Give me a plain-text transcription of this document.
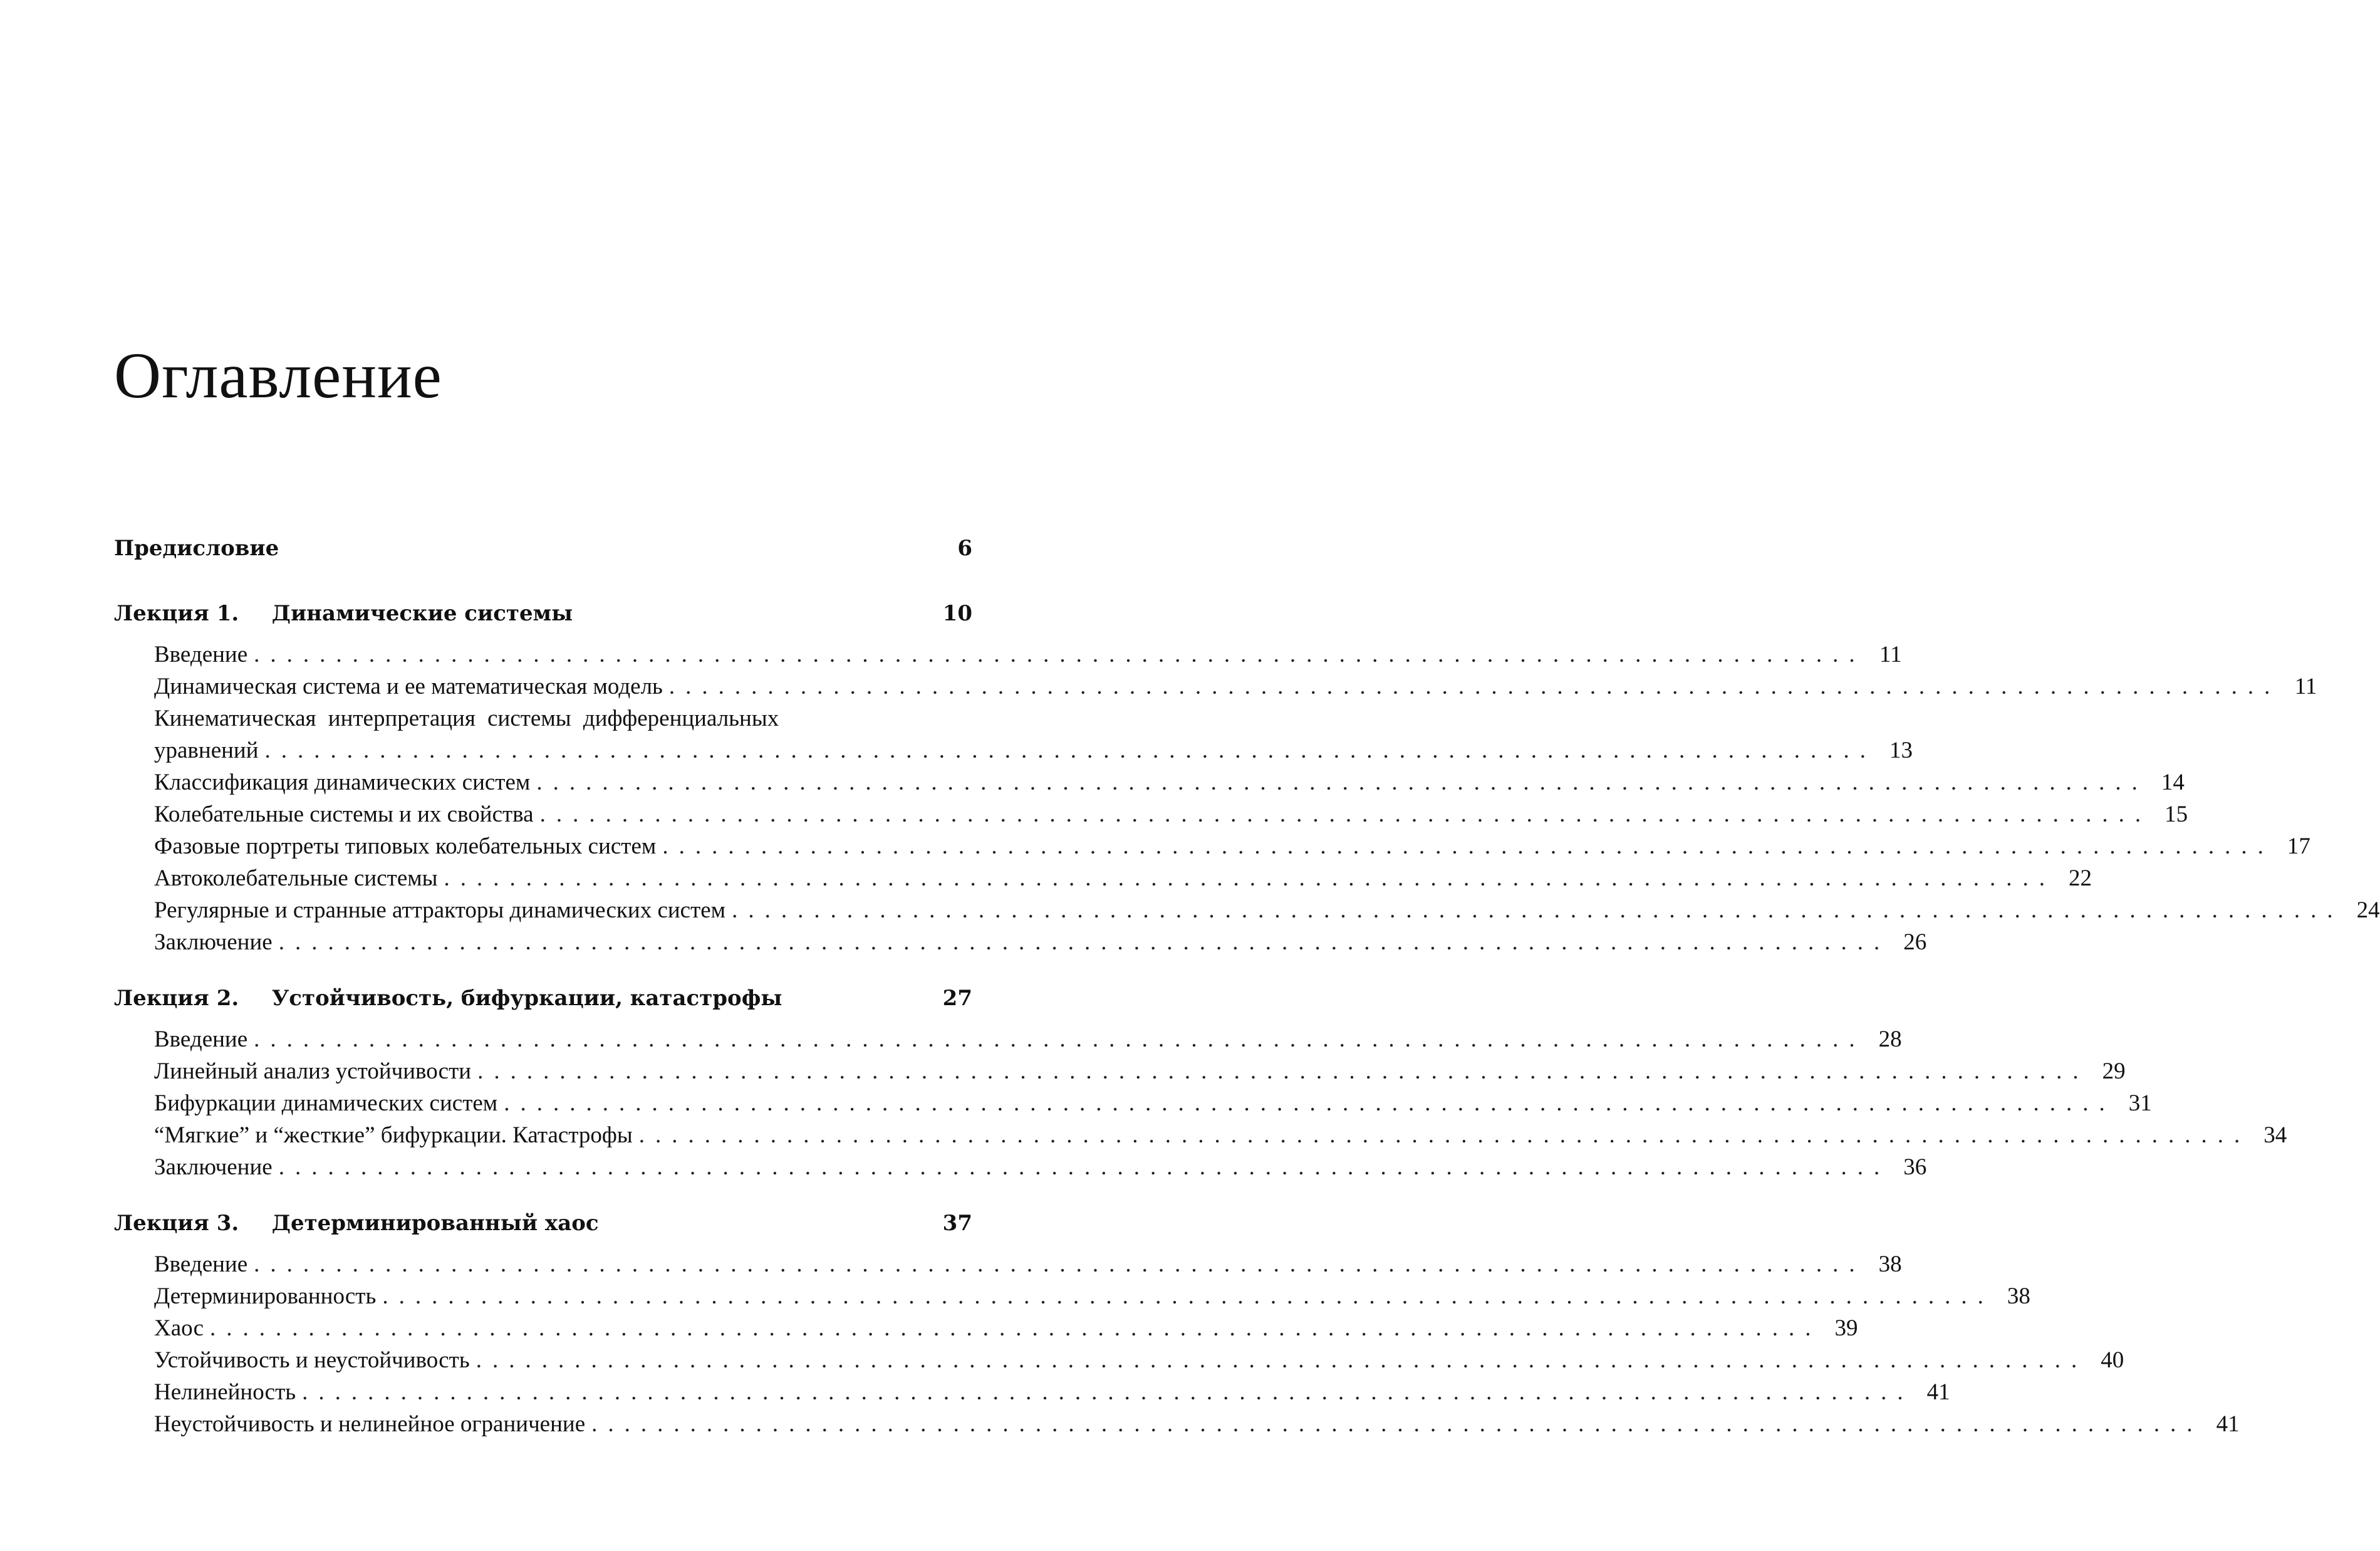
Оглавление
Предисловие	6
Лекция 1.	Динамические системы	10
Введение .................................................................................................. 11
Динамическая система и ее математическая модель .................................................................................................. 11
Кинематическая интерпретация системы дифференциальных
уравнений .................................................................................................. 13
Классификация динамических систем .................................................................................................. 14
Колебательные системы и их свойства .................................................................................................. 15
Фазовые портреты типовых колебательных систем .................................................................................................. 17
Автоколебательные системы .................................................................................................. 22
Регулярные и странные аттракторы динамических систем .................................................................................................. 24
Заключение .................................................................................................. 26
Лекция 2.	Устойчивость, бифуркации, катастрофы	27
Введение .................................................................................................. 28
Линейный анализ устойчивости .................................................................................................. 29
Бифуркации динамических систем .................................................................................................. 31
“Мягкие” и “жесткие” бифуркации. Катастрофы .................................................................................................. 34
Заключение .................................................................................................. 36
Лекция 3.	Детерминированный хаос	37
Введение .................................................................................................. 38
Детерминированность .................................................................................................. 38
Хаос .................................................................................................. 39
Устойчивость и неустойчивость .................................................................................................. 40
Нелинейность .................................................................................................. 41
Неустойчивость и нелинейное ограничение .................................................................................................. 41
